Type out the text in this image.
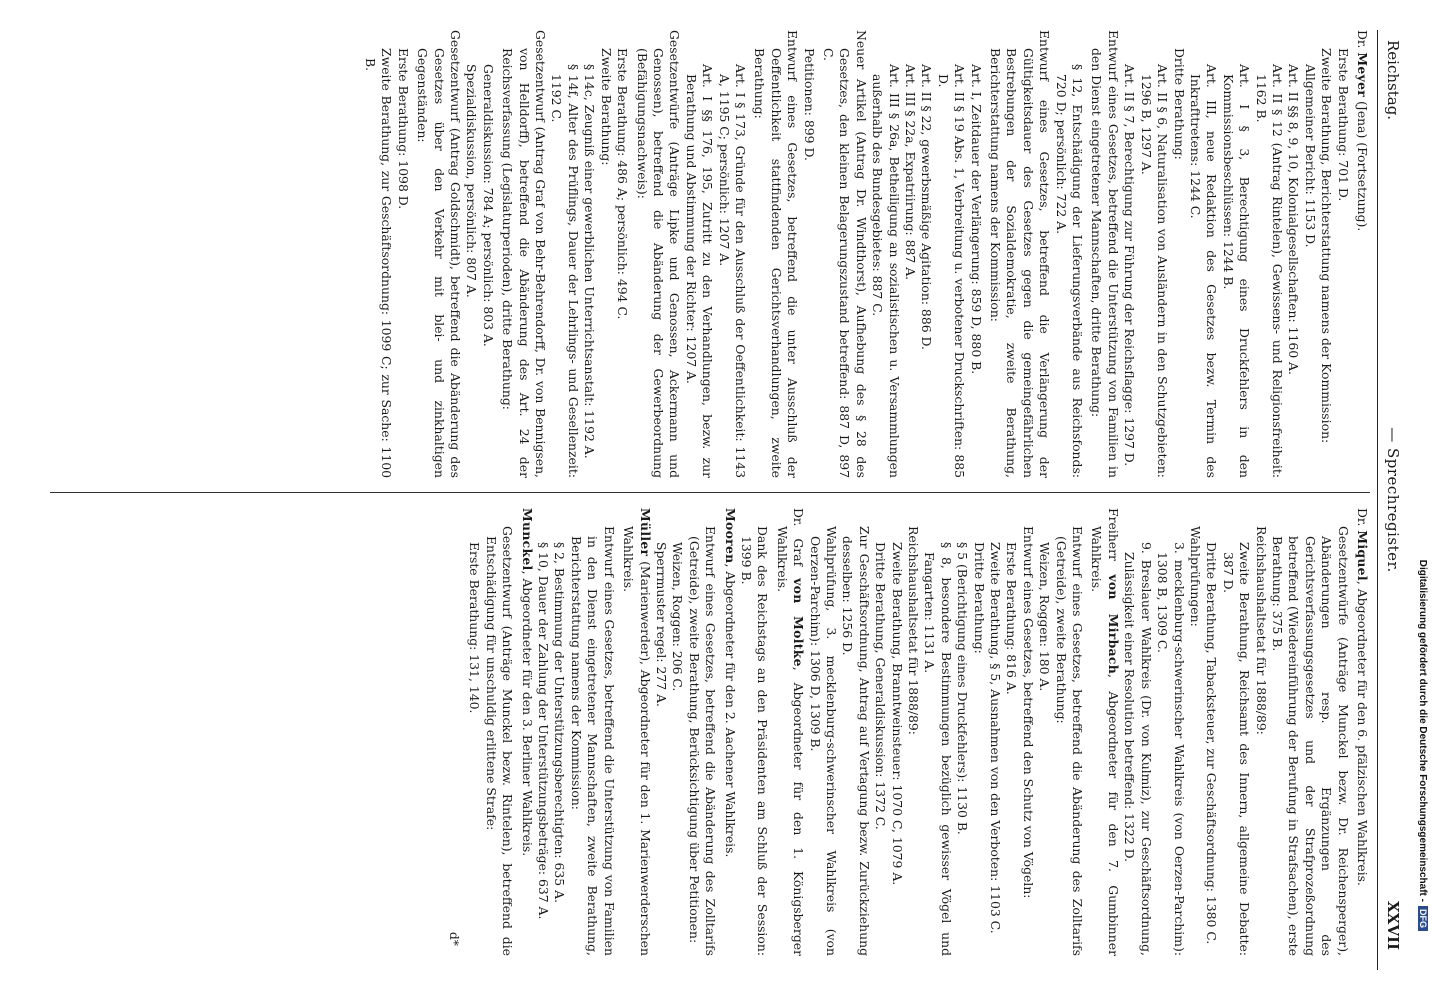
Reichstag.
— Sprechregister.
XXVII

Dr. Meyer (Jena) (Fortsetzung).

Erste Berathung: 701 D.

Zweite Berathung, Berichterstattung namens der Kommission:

Allgemeiner Bericht: 1153 D.

Art. II §§ 8, 9, 10, Kolonialgesellschaften: 1160 A.

Art. II § 12 (Antrag Rintelen), Gewissens- und Religionsfreiheit: 1162 B.

Art. I § 3, Berechtigung eines Druckfehlers in den Kommissionsbeschlüssen: 1244 B.

Art. III, neue Redaktion des Gesetzes bezw. Termin des Inkrafttretens: 1244 C.

Dritte Berathung:

Art. II § 6, Naturalisation von Ausländern in den Schutzgebieten: 1296 B, 1297 A.

Art. II § 7, Berechtigung zur Führung der Reichsflagge: 1297 D.

Entwurf eines Gesetzes, betreffend die Unterstützung von Familien in den Dienst eingetretener Mannschaften, dritte Berathung:

§ 12, Entschädigung der Lieferungsverbände aus Reichsfonds: 720 D; persönlich: 722 A.

Entwurf eines Gesetzes, betreffend die Verlängerung der Gültigkeitsdauer des Gesetzes gegen die gemeingefährlichen Bestrebungen der Sozialdemokratie, zweite Berathung, Berichterstattung namens der Kommission:

Art. I, Zeitdauer der Verlängerung: 859 D, 880 B.

Art. II § 19 Abs. 1, Verbreitung u. verbotener Druckschriften: 885 D.

Art. II § 22, gewerbsmäßige Agitation: 886 D.

Art. III § 22a, Expatriirung: 887 A.

Art. III § 26a, Betheiligung an sozialistischen u. Versammlungen außerhalb des Bundesgebietes: 887 C.

Neuer Artikel (Antrag Dr. Windthorst), Aufhebung des § 28 des Gesetzes, den kleinen Belagerungszustand betreffend: 887 D, 897 C.

Petitionen: 899 D.

Entwurf eines Gesetzes, betreffend die unter Ausschluß der Oeffentlichkeit stattfindenden Gerichtsverhandlungen, zweite Berathung:

Art. I § 173, Gründe für den Ausschluß der Oeffentlichkeit: 1143 A, 1195 C; persönlich: 1207 A.

Art. I §§ 176, 195, Zutritt zu den Verhandlungen, bezw. zur Berathung und Abstimmung der Richter: 1207 A.

Gesetzentwürfe (Anträge Lipke und Genossen, Ackermann und Genossen), betreffend die Abänderung der Gewerbeordnung (Befähigungsnachweis):

Erste Berathung: 486 A; persönlich: 494 C.

Zweite Berathung:

§ 14c, Zeugniß einer gewerblichen Unterrichtsanstalt: 1192 A.

§ 14f, Alter des Prüflings, Dauer der Lehrlings- und Gesellenzeit: 1192 C.

Gesetzentwurf (Antrag Graf von Behr-Behrendorff, Dr. von Bennigsen, von Helldorff), betreffend die Abänderung des Art. 24 der Reichsverfassung (Legislaturperioden), dritte Berathung:

Generaldiskussion: 784 A; persönlich: 803 A.

Spezialdiskussion, persönlich: 807 A.

Gesetzentwurf (Antrag Goldschmidt), betreffend die Abänderung des Gesetzes über den Verkehr mit blei- und zinkhaltigen Gegenständen:

Erste Berathung: 1098 D.

Zweite Berathung, zur Geschäftsordnung: 1099 C; zur Sache: 1100 B.

Dr. Miquel, Abgeordneter für den 6. pfälzischen Wahlkreis.

Gesetzentwürfe (Anträge Munckel bezw. Dr. Reichensperger), Abänderungen resp. Ergänzungen des Gerichtsverfassungsgesetzes und der Strafprozeßordnung betreffend (Wiedereinführung der Berufung in Strafsachen), erste Berathung: 375 B.

Reichshaushaltsetat für 1888/89:

Zweite Berathung, Reichsamt des Innern, allgemeine Debatte: 387 D.

Dritte Berathung, Tabacksteuer, zur Geschäftsordnung: 1380 C.

Wahlprüfungen:

3. mecklenburg-schwerinscher Wahlkreis (von Oerzen-Parchim): 1308 B, 1309 C.

9. Breslauer Wahlkreis (Dr. von Kulmiz), zur Geschäftsordnung, Zulässigkeit einer Resolution betreffend: 1322 D.

Freiherr von Mirbach, Abgeordneter für den 7. Gumbinner Wahlkreis.

Entwurf eines Gesetzes, betreffend die Abänderung des Zolltarifs (Getreide), zweite Berathung:

Weizen, Roggen: 180 A.

Entwurf eines Gesetzes, betreffend den Schutz von Vögeln:

Erste Berathung: 816 A.

Zweite Berathung, § 5, Ausnahmen von den Verboten: 1103 C.

Dritte Berathung:

§ 5 (Berichtigung eines Druckfehlers): 1130 B.

§ 8, besondere Bestimmungen bezüglich gewisser Vögel und Fangarten: 1131 A.

Reichshaushaltsetat für 1888/89:

Zweite Berathung, Branntweinsteuer: 1070 C, 1079 A.

Dritte Berathung, Generaldiskussion: 1372 C.

Zur Geschäftsordnung, Antrag auf Vertagung bezw. Zurückziehung desselben: 1256 D.

Wahlprüfung, 3. mecklenburg-schwerinscher Wahlkreis (von Oerzen-Parchim): 1306 D, 1309 B.

Dr. Graf von Moltke, Abgeordneter für den 1. Königsberger Wahlkreis.

Dank des Reichstags an den Präsidenten am Schluß der Session: 1399 B.

Mooren, Abgeordneter für den 2. Aachener Wahlkreis.

Entwurf eines Gesetzes, betreffend die Abänderung des Zolltarifs (Getreide), zweite Berathung, Berücksichtigung über Petitionen:

Weizen, Roggen: 206 C.

Sperrmuster regel: 277 A.

Müller (Marienwerder), Abgeordneter für den 1. Marienwerderschen Wahlkreis.

Entwurf eines Gesetzes, betreffend die Unterstützung von Familien in den Dienst eingetretener Mannschaften, zweite Berathung, Berichterstattung namens der Kommission:

§ 2, Bestimmung der Unterstützungsberechtigten: 635 A.

§ 10, Dauer der Zahlung der Unterstützungsbeträge: 637 A.

Munckel, Abgeordneter für den 3. Berliner Wahlkreis.

Gesetzentwurf (Anträge Munckel bezw. Rintelen), betreffend die Entschädigung für unschuldig erlittene Strafe:

Erste Berathung: 131, 140.

d*
Digitalisierung gefördert durch die Deutsche Forschungsgemeinschaft -DFG
